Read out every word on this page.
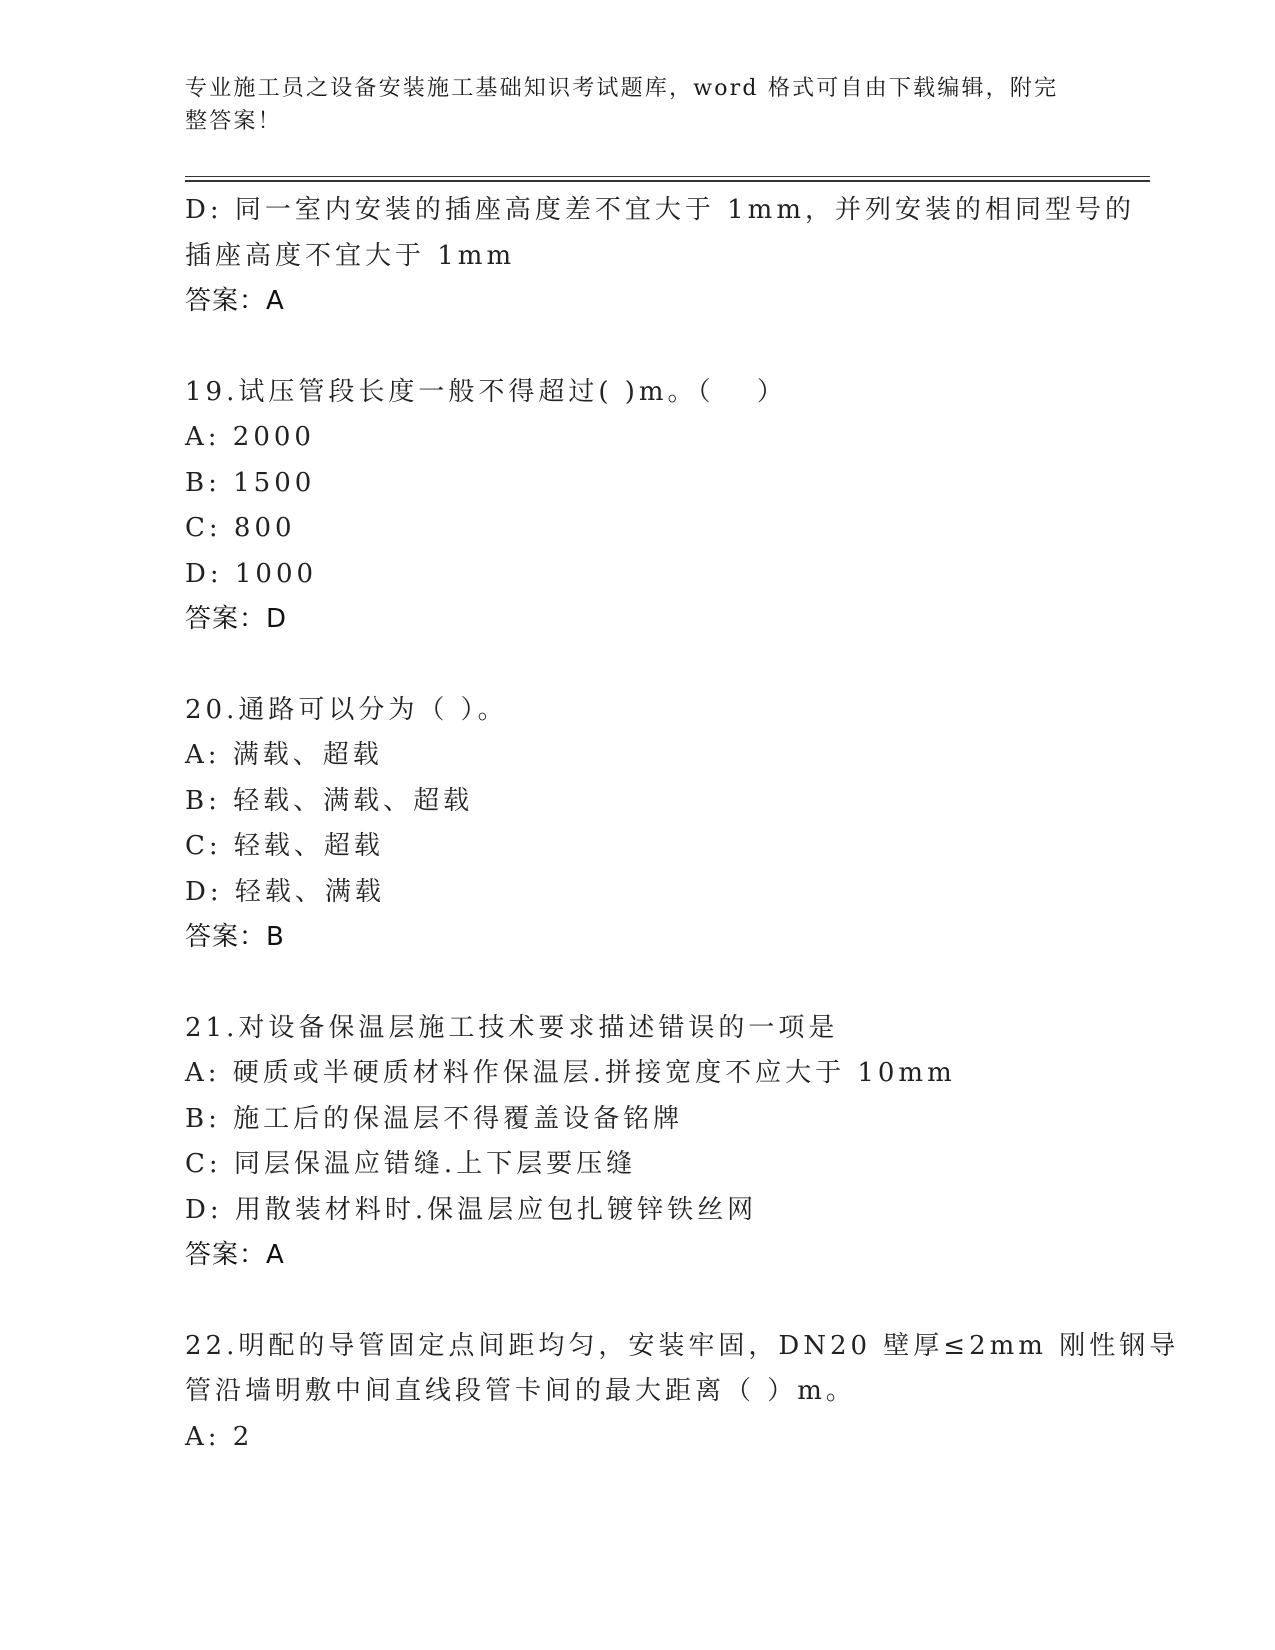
专业施工员之设备安装施工基础知识考试题库，word 格式可自由下载编辑，附完
整答案！
D: 同一室内安装的插座高度差不宜大于 1mm，并列安装的相同型号的
插座高度不宜大于 1mm
答案：A
19.试压管段长度一般不得超过( )m。（　 ）
A: 2000
B: 1500
C: 800
D: 1000
答案：D
20.通路可以分为（ ）。
A: 满载、超载
B: 轻载、满载、超载
C: 轻载、超载
D: 轻载、满载
答案：B
21.对设备保温层施工技术要求描述错误的一项是
A: 硬质或半硬质材料作保温层.拼接宽度不应大于 10mm
B: 施工后的保温层不得覆盖设备铭牌
C: 同层保温应错缝.上下层要压缝
D: 用散装材料时.保温层应包扎镀锌铁丝网
答案：A
22.明配的导管固定点间距均匀，安装牢固，DN20 壁厚≤2mm 刚性钢导
管沿墙明敷中间直线段管卡间的最大距离（ ）m。
A: 2
